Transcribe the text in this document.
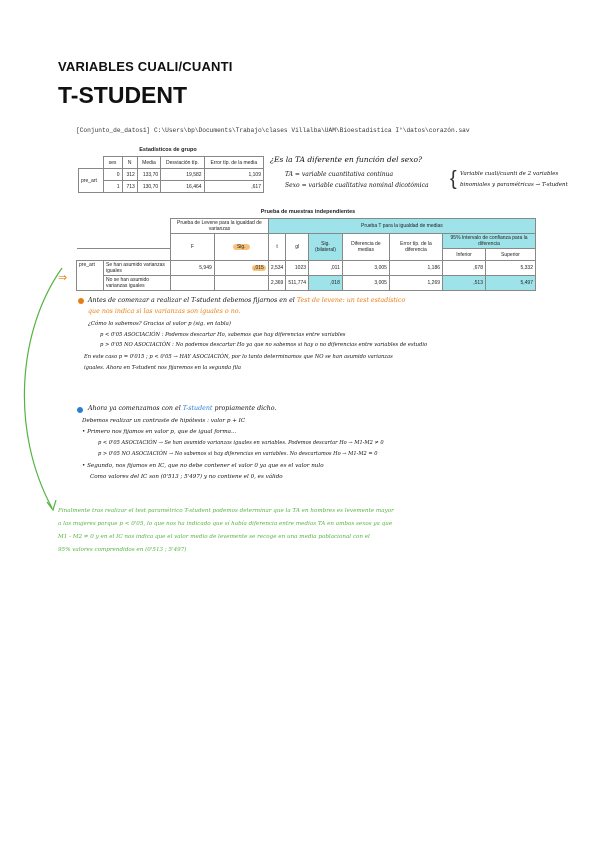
VARIABLES CUALI/CUANTI
T-STUDENT
[Conjunto_de_datos1] C:\Users\bp\Documents\Trabajo\clases Villalba\UAM\Bioestadistica I°\datos\corazón.sav
Estadísticos de grupo
	sex	N	Media	Desviación típ.	Error típ. de la media
pre_art	0	312	133,70	19,582	1,109
	1	713	130,70	16,464	,617
¿Es la TA diferente en función del sexo?
TA = variable cuantitativa continua
Sexo = variable cualitativa nominal dicotómica { Variable cuali/cuanti de 2 variables
binomiales y paramétricas → T-student
Prueba de muestras independientes
		Prueba de Levene para la igualdad de varianzas		Prueba T para la igualdad de medias						
		F	Sig.	t	gl	Sig. (bilateral)	Diferencia de medias	Error típ. de la diferencia	95% Intervalo de confianza para la diferencia	
									Inferior	Superior
pre_art	Se han asumido varianzas iguales	5,949	,015	2,534	1023	,011	3,005	1,186	,678	5,332
	No se han asumido varianzas iguales			2,369	511,774	,018	3,005	1,269	,513	5,497
⇒
Antes de comenzar a realizar el T-student debemos fijarnos en el Test de levene: un test estadístico
que nos indica si las varianzas son iguales o no.
¿Cómo lo sabemos? Gracias al valor p (sig. en tabla)
p < 0'05 ASOCIACIÓN : Podemos descartar Ho, sabemos que hay diferencias entre variables
p > 0'05 NO ASOCIACIÓN : No podemos descartar Ho ya que no sabemos si hay o no diferencias entre variables de estudio
En este caso p = 0'015 ; p < 0'05 → HAY ASOCIACIÓN, por lo tanto determinamos que NO se han asumido varianzas
iguales. Ahora en T-student nos fijaremos en la segunda fila
Ahora ya comenzamos con el T-student propiamente dicho.
Debemos realizar un contraste de hipótesis : valor p + IC
• Primero nos fijamos en valor p, que de igual forma...
p < 0'05 ASOCIACIÓN → Se han asumido varianzas iguales en variables. Podemos descartar Ho → M1-M2 ≠ 0
p > 0'05 NO ASOCIACIÓN → No sabemos si hay diferencias en variables. No descartamos Ho → M1-M2 = 0
• Segundo, nos fijamos en IC, que no debe contener el valor 0 ya que es el valor nulo
Como valores del IC son (0'513 ; 5'497) y no contiene el 0, es válido
Finalmente tras realizar el test paramétrico T-student podemos determinar que la TA en hombres es levemente mayor
a las mujeres porque p < 0'05, lo que nos ha indicado que sí había diferencia entre medias TA en ambos sexos ya que
M1 - M2 ≠ 0 y en el IC nos indica que el valor medio de levemente se recoge en una media poblacional con el
95% valores comprendidos en (0'513 ; 5'497)
